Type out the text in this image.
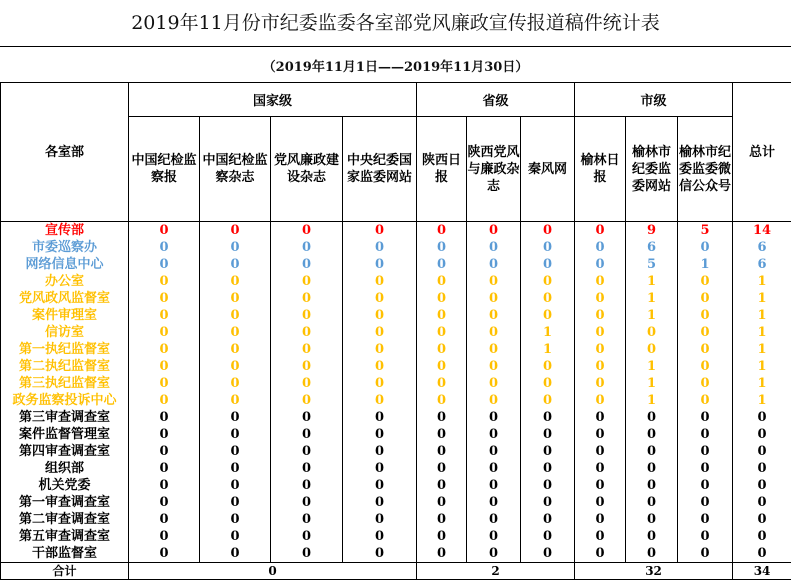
2019年11月份市纪委监委各室部党风廉政宣传报道稿件统计表
（2019年11月1日——2019年11月30日）
各室部	国家级				省级			市级			总计
	中国纪检监察报	中国纪检监察杂志	党风廉政建设杂志	中央纪委国家监委网站	陕西日报	陕西党风与廉政杂志	秦风网	榆林日报	榆林市纪委监委网站	榆林市纪委监委微信公众号	
宣传部	0	0	0	0	0	0	0	0	9	5	14
市委巡察办	0	0	0	0	0	0	0	0	6	0	6
网络信息中心	0	0	0	0	0	0	0	0	5	1	6
办公室	0	0	0	0	0	0	0	0	1	0	1
党风政风监督室	0	0	0	0	0	0	0	0	1	0	1
案件审理室	0	0	0	0	0	0	0	0	1	0	1
信访室	0	0	0	0	0	0	1	0	0	0	1
第一执纪监督室	0	0	0	0	0	0	1	0	0	0	1
第二执纪监督室	0	0	0	0	0	0	0	0	1	0	1
第三执纪监督室	0	0	0	0	0	0	0	0	1	0	1
政务监察投诉中心	0	0	0	0	0	0	0	0	1	0	1
第三审查调查室	0	0	0	0	0	0	0	0	0	0	0
案件监督管理室	0	0	0	0	0	0	0	0	0	0	0
第四审查调查室	0	0	0	0	0	0	0	0	0	0	0
组织部	0	0	0	0	0	0	0	0	0	0	0
机关党委	0	0	0	0	0	0	0	0	0	0	0
第一审查调查室	0	0	0	0	0	0	0	0	0	0	0
第二审查调查室	0	0	0	0	0	0	0	0	0	0	0
第五审查调查室	0	0	0	0	0	0	0	0	0	0	0
干部监督室	0	0	0	0	0	0	0	0	0	0	0
合计	0				2			32			34
